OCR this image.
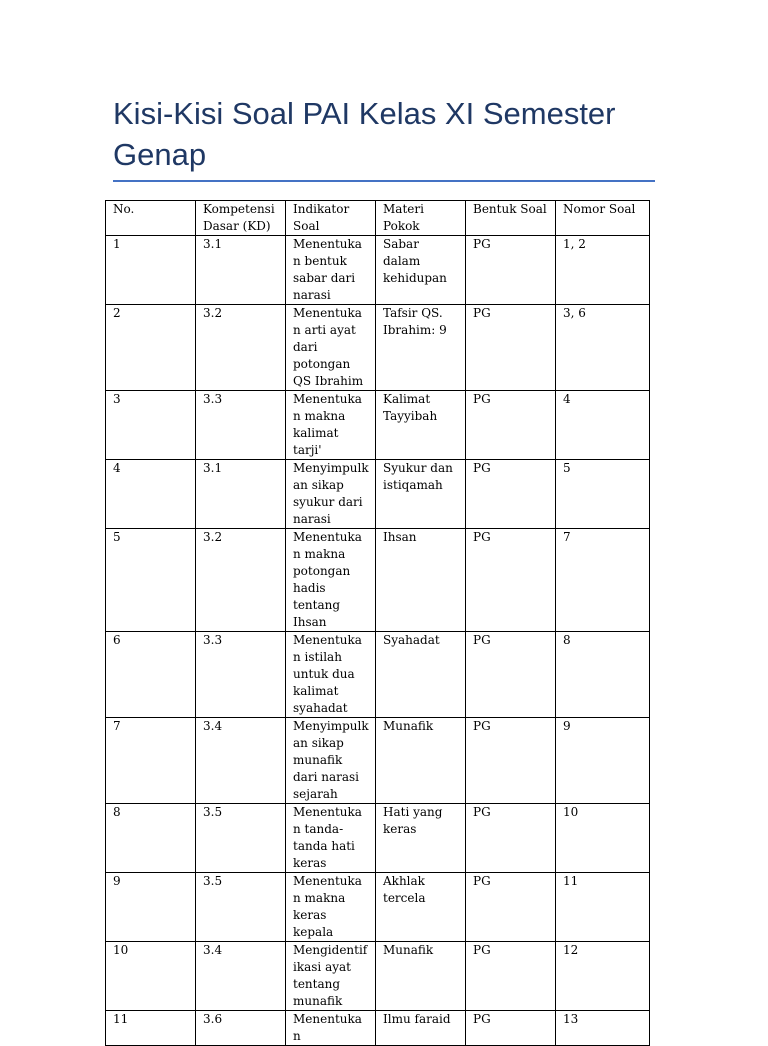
Kisi-Kisi Soal PAI Kelas XI Semester Genap
No.	Kompetensi Dasar (KD)	Indikator Soal	Materi Pokok	Bentuk Soal	Nomor Soal
1	3.1	Menentukan bentuk sabar dari narasi	Sabar dalam kehidupan	PG	1, 2
2	3.2	Menentukan arti ayat dari potongan QS Ibrahim	Tafsir QS. Ibrahim: 9	PG	3, 6
3	3.3	Menentukan makna kalimat tarji'	Kalimat Tayyibah	PG	4
4	3.1	Menyimpulkan sikap syukur dari narasi	Syukur dan istiqamah	PG	5
5	3.2	Menentukan makna potongan hadis tentang Ihsan	Ihsan	PG	7
6	3.3	Menentukan istilah untuk dua kalimat syahadat	Syahadat	PG	8
7	3.4	Menyimpulkan sikap munafik dari narasi sejarah	Munafik	PG	9
8	3.5	Menentukan tanda-tanda hati keras	Hati yang keras	PG	10
9	3.5	Menentukan makna keras kepala	Akhlak tercela	PG	11
10	3.4	Mengidentifikasi ayat tentang munafik	Munafik	PG	12
11	3.6	Menentukan	Ilmu faraid	PG	13
